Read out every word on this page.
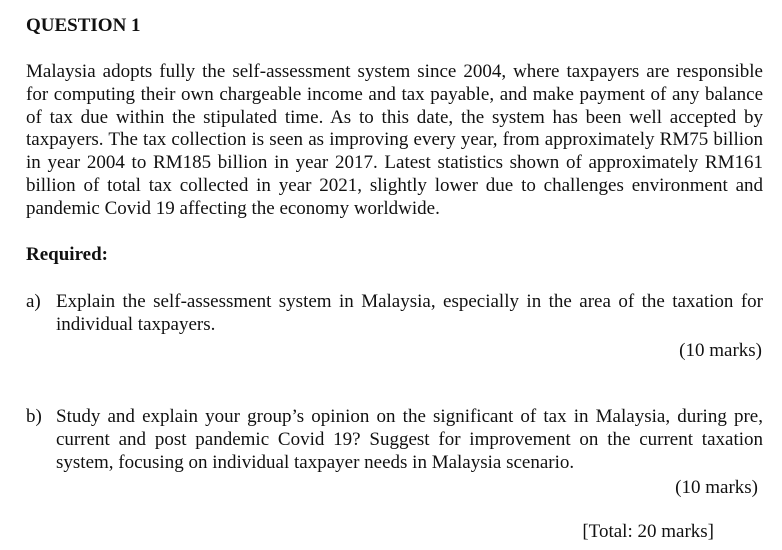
QUESTION 1

Malaysia adopts fully the self-assessment system since 2004, where taxpayers are responsible for computing their own chargeable income and tax payable, and make payment of any balance of tax due within the stipulated time. As to this date, the system has been well accepted by taxpayers. The tax collection is seen as improving every year, from approximately RM75 billion in year 2004 to RM185 billion in year 2017. Latest statistics shown of approximately RM161 billion of total tax collected in year 2021, slightly lower due to challenges environment and pandemic Covid 19 affecting the economy worldwide.

Required:
a) Explain the self-assessment system in Malaysia, especially in the area of the taxation for individual taxpayers.

(10 marks)
b) Study and explain your group’s opinion on the significant of tax in Malaysia, during pre, current and post pandemic Covid 19? Suggest for improvement on the current taxation system, focusing on individual taxpayer needs in Malaysia scenario.

(10 marks)
[Total: 20 marks]
